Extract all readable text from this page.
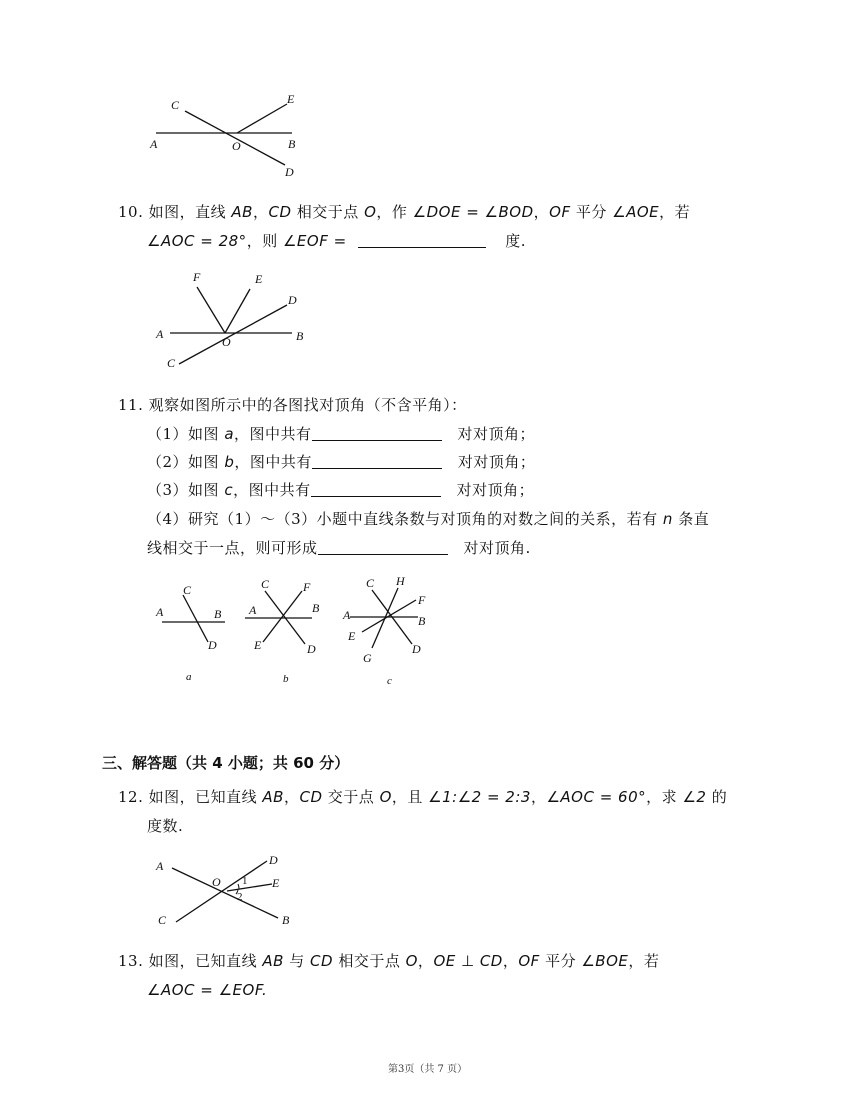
C	E
A	O	B
D
10. 如图，直线 AB，CD 相交于点 O，作 ∠DOE = ∠BOD，OF 平分 ∠AOE，若
∠AOC = 28°，则 ∠EOF =	度.
F	E
D
A
O	B
C
11. 观察如图所示中的各图找对顶角（不含平角）：
（1）如图 a，图中共有	对对顶角；
（2）如图 b，图中共有	对对顶角；
（3）如图 c，图中共有	对对顶角；
（4）研究（1）～（3）小题中直线条数与对顶角的对数之间的关系，若有 n 条直
线相交于一点，则可形成	对对顶角.
C
A	B
D
a
C	F
A	B
E	D
b
C H
F
A	B
E
G
D
c
三、解答题（共 4 小题；共 60 分）
12. 如图，已知直线 AB，CD 交于点 O，且 ∠1:∠2 = 2:3，∠AOC = 60°，求 ∠2 的
度数.
A
O
D
1
2
E
C	B
13. 如图，已知直线 AB 与 CD 相交于点 O，OE ⊥ CD，OF 平分 ∠BOE，若
∠AOC = ∠EOF.
第3页（共 7 页）
